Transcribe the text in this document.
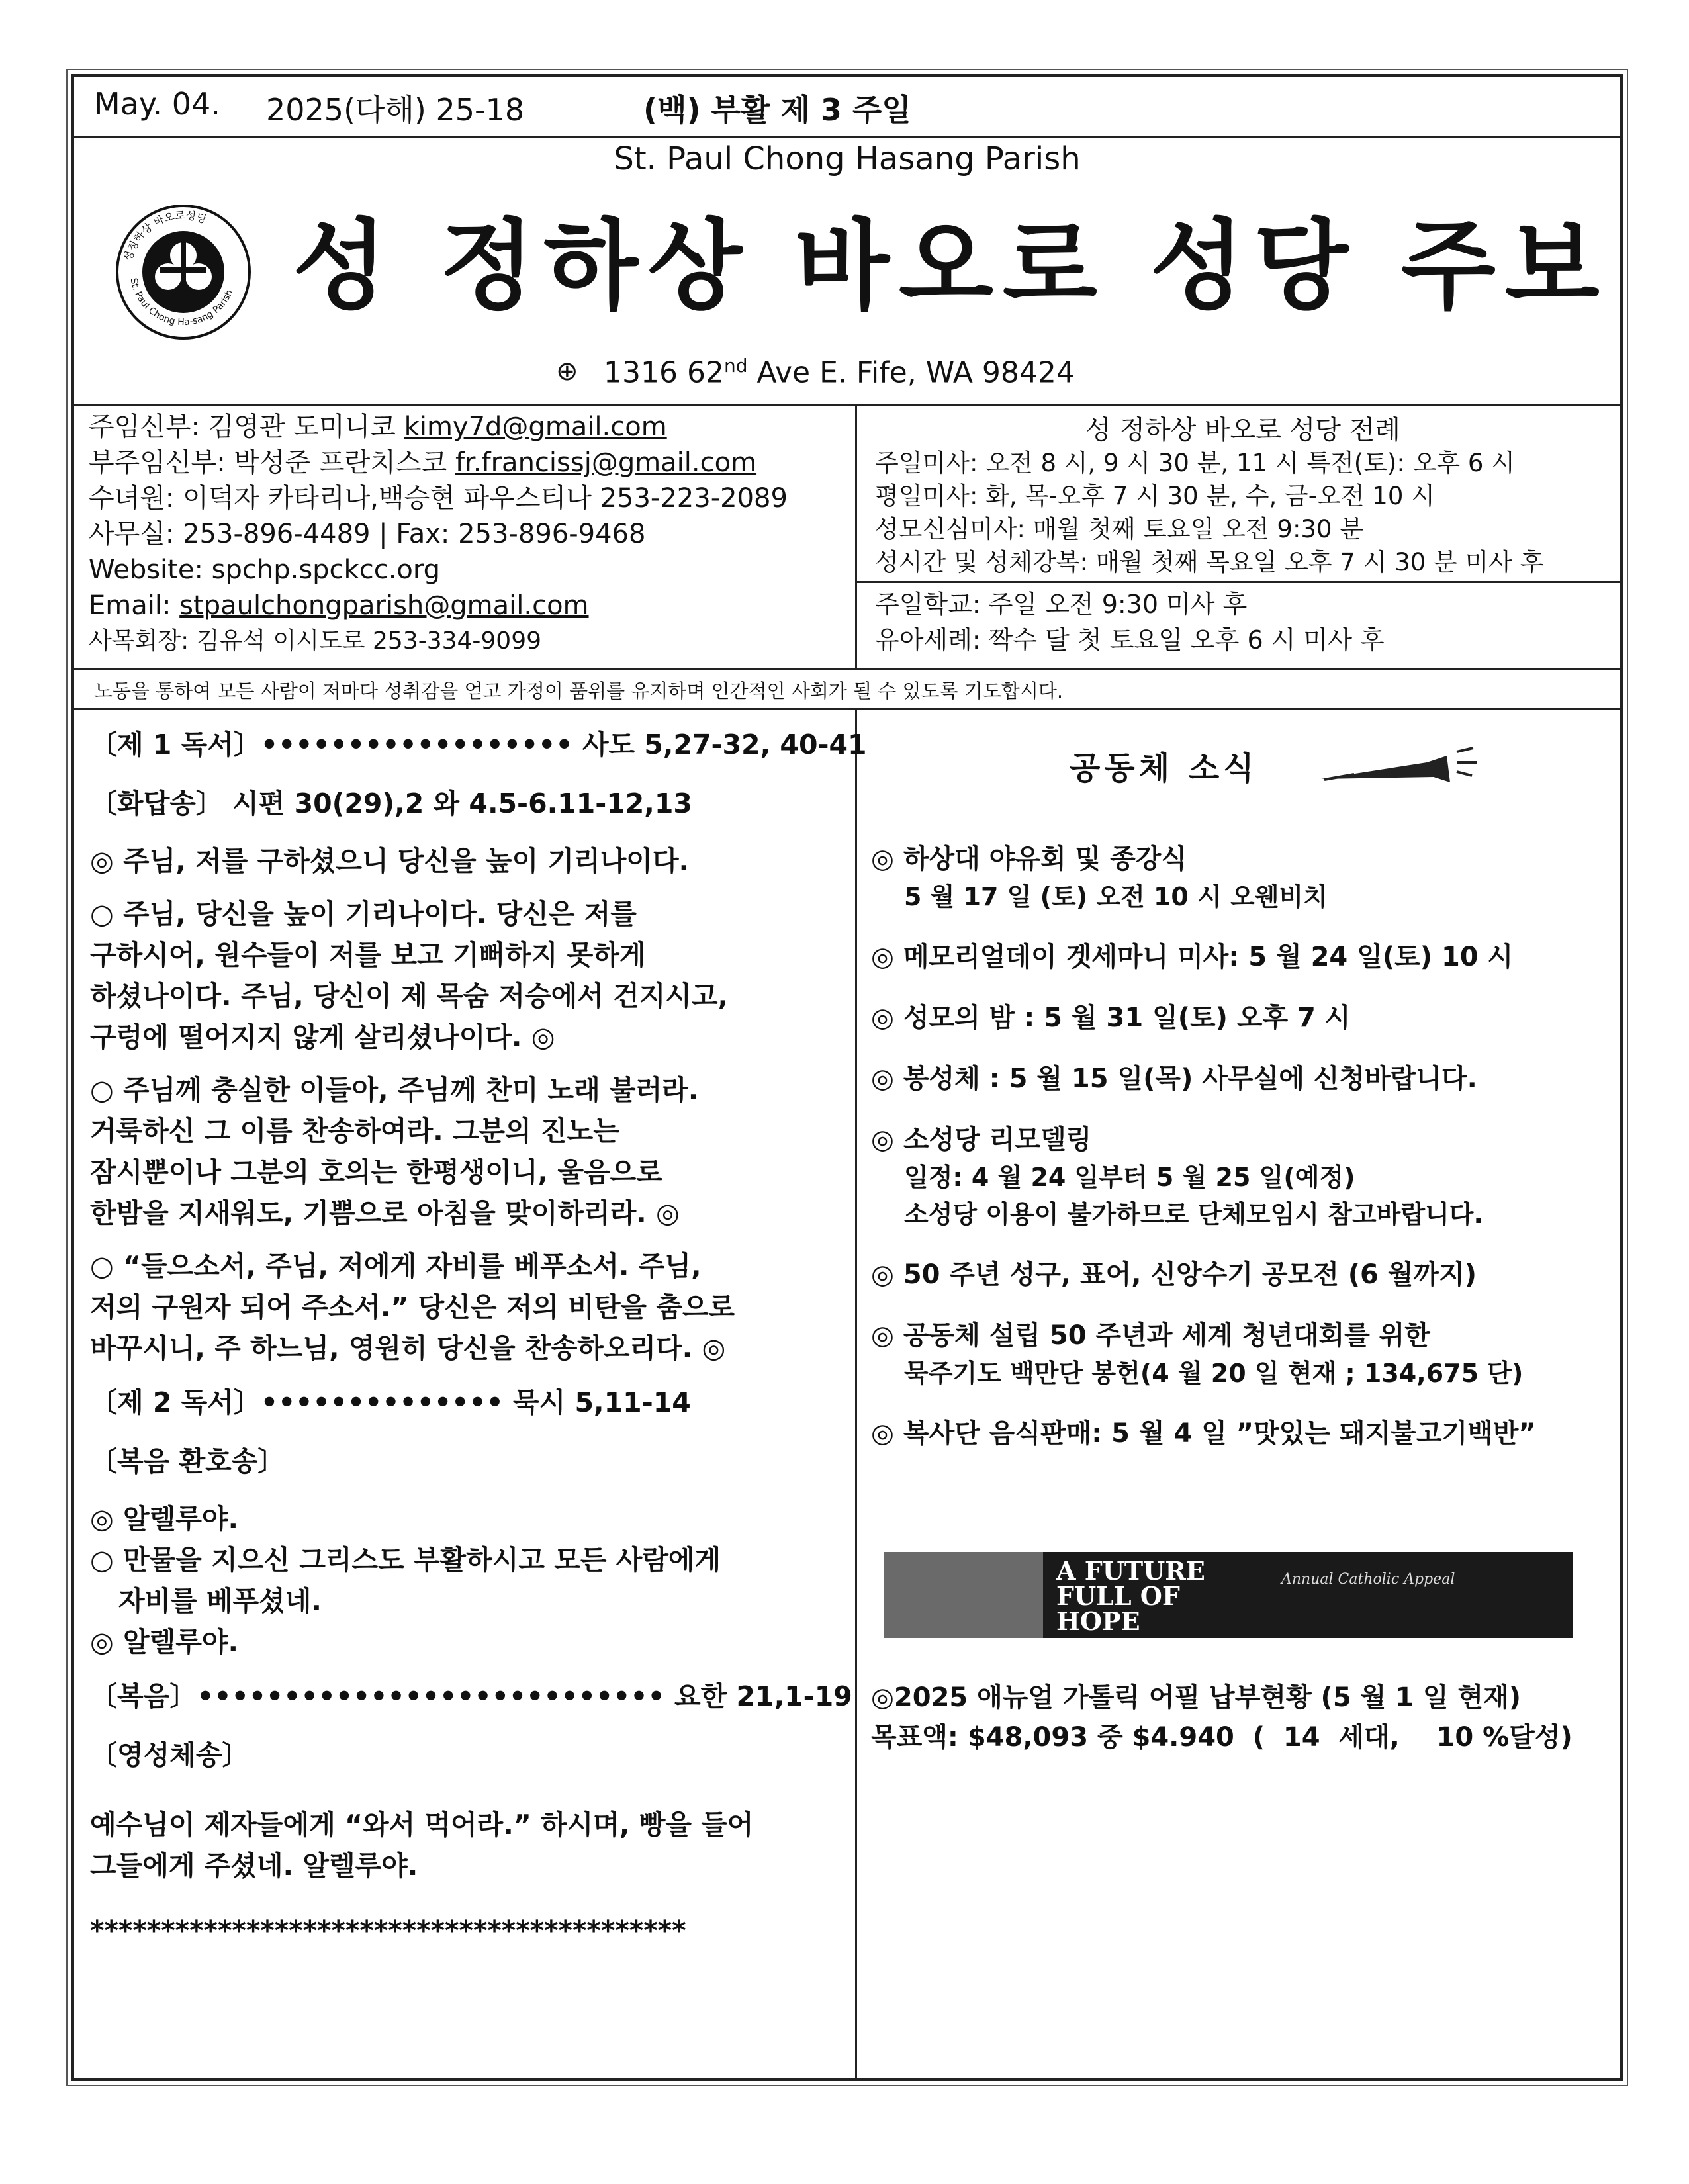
May. 04. 2025(다해) 25-18	(백) 부활 제 3 주일
St. Paul Chong Hasang Parish
성정하상 바오로성당
St. Paul Chong Ha-sang Parish 성 정하상 바오로 성당 주보
⊕ 1316 62nd Ave E. Fife, WA 98424
주임신부: 김영관 도미니코 kimy7d@gmail.com
부주임신부: 박성준 프란치스코 fr.francissj@gmail.com
수녀원: 이덕자 카타리나,백승현 파우스티나 253-223-2089
사무실: 253-896-4489 | Fax: 253-896-9468
Website: spchp.spckcc.org
Email: stpaulchongparish@gmail.com
사목회장: 김유석 이시도로 253-334-9099
성 정하상 바오로 성당 전례
주일미사: 오전 8 시, 9 시 30 분, 11 시 특전(토): 오후 6 시
평일미사: 화, 목-오후 7 시 30 분, 수, 금-오전 10 시
성모신심미사: 매월 첫째 토요일 오전 9:30 분
성시간 및 성체강복: 매월 첫째 목요일 오후 7 시 30 분 미사 후
주일학교: 주일 오전 9:30 미사 후
유아세례: 짝수 달 첫 토요일 오후 6 시 미사 후
노동을 통하여 모든 사람이 저마다 성취감을 얻고 가정이 품위를 유지하며 인간적인 사회가 될 수 있도록 기도합시다.
〔제 1 독서〕•••••••••••••••••• 사도 5,27-32, 40-41
〔화답송〕 시편 30(29),2 와 4.5-6.11-12,13
◎ 주님, 저를 구하셨으니 당신을 높이 기리나이다.
○ 주님, 당신을 높이 기리나이다. 당신은 저를
구하시어, 원수들이 저를 보고 기뻐하지 못하게
하셨나이다. 주님, 당신이 제 목숨 저승에서 건지시고,
구렁에 떨어지지 않게 살리셨나이다. ◎
○ 주님께 충실한 이들아, 주님께 찬미 노래 불러라.
거룩하신 그 이름 찬송하여라. 그분의 진노는
잠시뿐이나 그분의 호의는 한평생이니, 울음으로
한밤을 지새워도, 기쁨으로 아침을 맞이하리라. ◎
○ “들으소서, 주님, 저에게 자비를 베푸소서. 주님,
저의 구원자 되어 주소서.” 당신은 저의 비탄을 춤으로
바꾸시니, 주 하느님, 영원히 당신을 찬송하오리다. ◎
〔제 2 독서〕•••••••••••••• 묵시 5,11-14
〔복음 환호송〕
◎ 알렐루야.
○ 만물을 지으신 그리스도 부활하시고 모든 사람에게
자비를 베푸셨네.
◎ 알렐루야.
〔복음〕••••••••••••••••••••••••••• 요한 21,1-19
〔영성체송〕
예수님이 제자들에게 “와서 먹어라.” 하시며, 빵을 들어
그들에게 주셨네. 알렐루야.
******************************************
공동체 소식
◎ 하상대 야유회 및 종강식
5 월 17 일 (토) 오전 10 시 오웬비치
◎ 메모리얼데이 겟세마니 미사: 5 월 24 일(토) 10 시
◎ 성모의 밤 : 5 월 31 일(토) 오후 7 시
◎ 봉성체 : 5 월 15 일(목) 사무실에 신청바랍니다.
◎ 소성당 리모델링
일정: 4 월 24 일부터 5 월 25 일(예정)
소성당 이용이 불가하므로 단체모임시 참고바랍니다.
◎ 50 주년 성구, 표어, 신앙수기 공모전 (6 월까지)
◎ 공동체 설립 50 주년과 세계 청년대회를 위한
묵주기도 백만단 봉헌(4 월 20 일 현재 ; 134,675 단)
◎ 복사단 음식판매: 5 월 4 일 ”맛있는 돼지불고기백반”
A FUTURE
FULL OF
HOPE
Annual Catholic Appeal
◎2025 애뉴얼 가톨릭 어필 납부현황 (5 월 1 일 현재)
목표액: $48,093 중 $4.940  (  14  세대,    10 %달성)
